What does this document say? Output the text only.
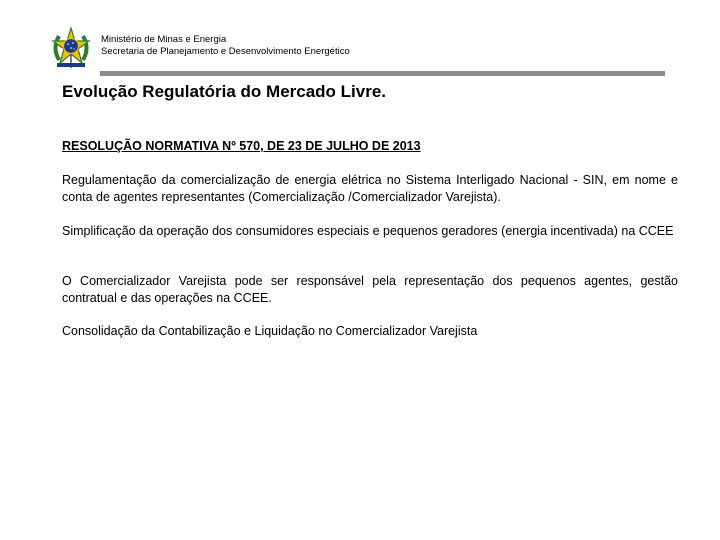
Ministério de Minas e Energia
Secretaria de Planejamento e Desenvolvimento Energético
Evolução Regulatória do Mercado Livre.

RESOLUÇÃO NORMATIVA Nº 570, DE 23 DE JULHO DE 2013

Regulamentação da comercialização de energia elétrica no Sistema Interligado Nacional - SIN, em nome e conta de agentes representantes (Comercialização /Comercializador Varejista).

Simplificação da operação dos consumidores especiais e pequenos geradores (energia incentivada) na CCEE

O Comercializador Varejista pode ser responsável pela representação dos pequenos agentes, gestão contratual e das operações na CCEE.

Consolidação da Contabilização e Liquidação no Comercializador Varejista
